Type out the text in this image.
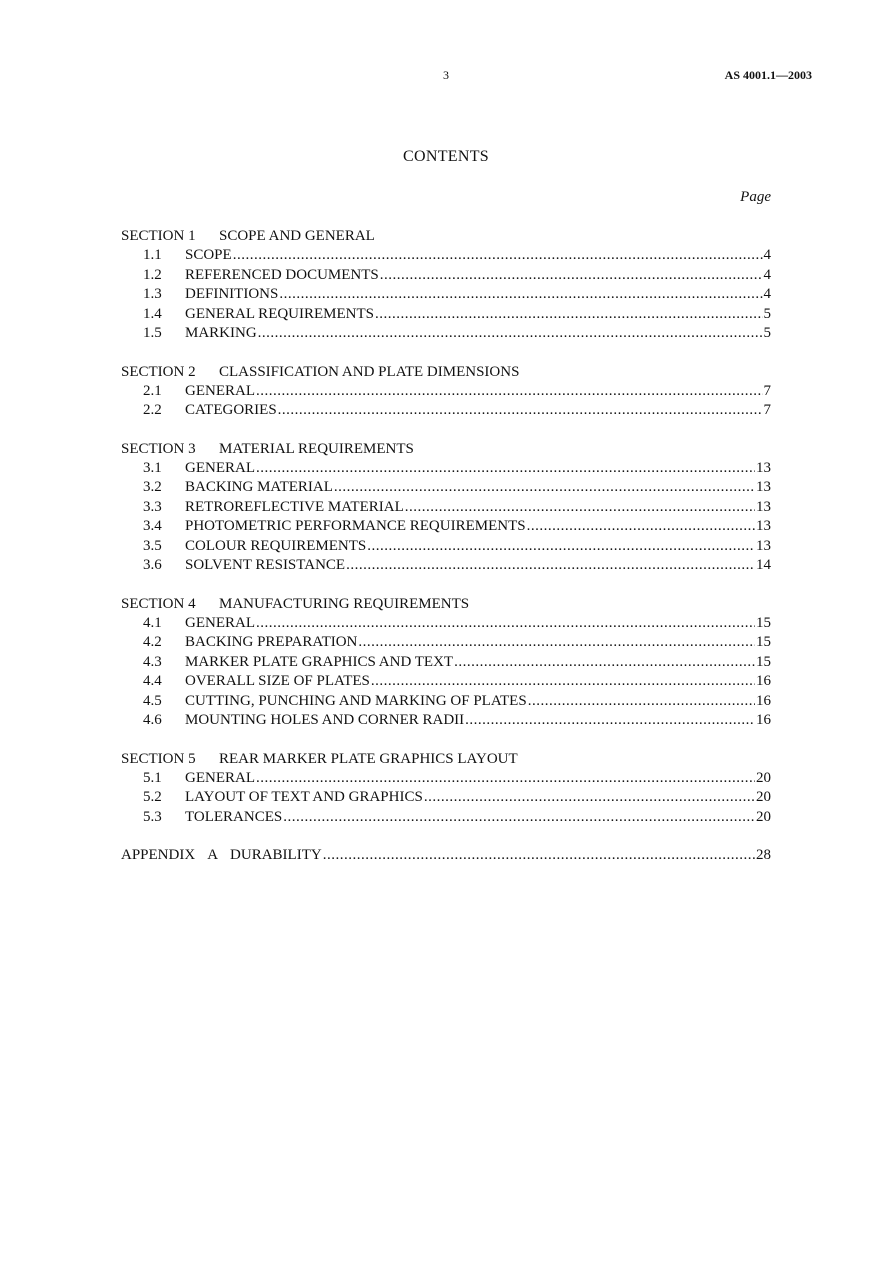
3	AS 4001.1—2003
CONTENTS
Page
SECTION 1 SCOPE AND GENERAL
1.1	SCOPE .....	4
1.2	REFERENCED DOCUMENTS .....	4
1.3	DEFINITIONS .....	4
1.4	GENERAL REQUIREMENTS .....	5
1.5	MARKING .....	5
SECTION 2 CLASSIFICATION AND PLATE DIMENSIONS
2.1	GENERAL .....	7
2.2	CATEGORIES .....	7
SECTION 3 MATERIAL REQUIREMENTS
3.1	GENERAL .....	13
3.2	BACKING MATERIAL .....	13
3.3	RETROREFLECTIVE MATERIAL .....	13
3.4	PHOTOMETRIC PERFORMANCE REQUIREMENTS .....	13
3.5	COLOUR REQUIREMENTS .....	13
3.6	SOLVENT RESISTANCE .....	14
SECTION 4 MANUFACTURING REQUIREMENTS
4.1	GENERAL .....	15
4.2	BACKING PREPARATION .....	15
4.3	MARKER PLATE GRAPHICS AND TEXT .....	15
4.4	OVERALL SIZE OF PLATES .....	16
4.5	CUTTING, PUNCHING AND MARKING OF PLATES .....	16
4.6	MOUNTING HOLES AND CORNER RADII .....	16
SECTION 5 REAR MARKER PLATE GRAPHICS LAYOUT
5.1	GENERAL .....	20
5.2	LAYOUT OF TEXT AND GRAPHICS .....	20
5.3	TOLERANCES .....	20
APPENDIX A DURABILITY .....	28
